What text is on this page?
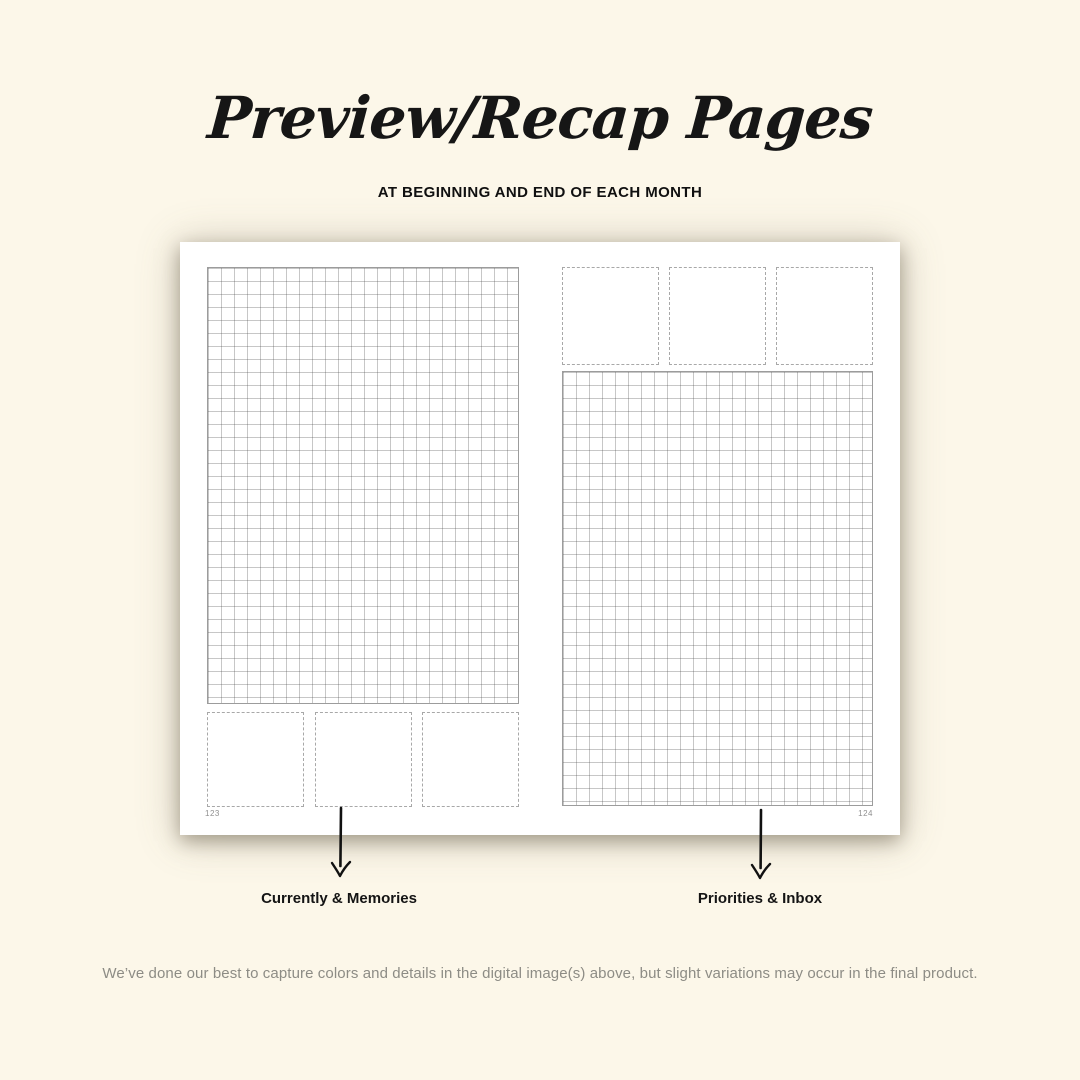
Preview/Recap Pages
AT BEGINNING AND END OF EACH MONTH
123	124
Currently & Memories	Priorities & Inbox
We’ve done our best to capture colors and details in the digital image(s) above, but slight variations may occur in the final product.
